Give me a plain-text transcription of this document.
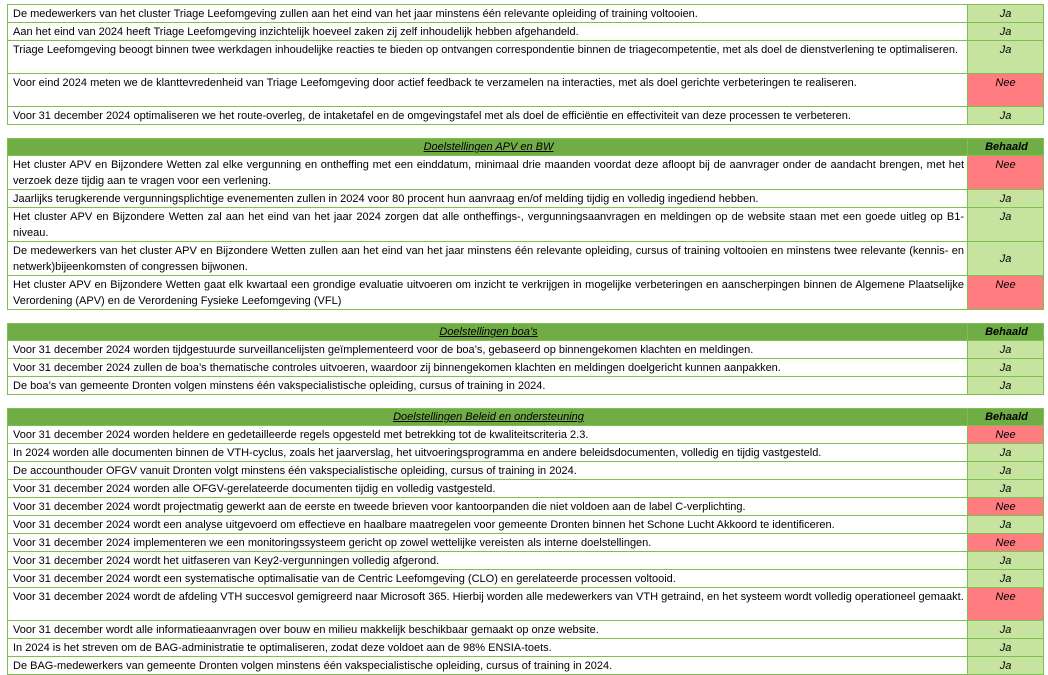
De medewerkers van het cluster Triage Leefomgeving zullen aan het eind van het jaar minstens één relevante opleiding of training voltooien.	Ja
Aan het eind van 2024 heeft Triage Leefomgeving inzichtelijk hoeveel zaken zij zelf inhoudelijk hebben afgehandeld.	Ja
Triage Leefomgeving beoogt binnen twee werkdagen inhoudelijke reacties te bieden op ontvangen correspondentie binnen de triagecompetentie, met als doel de dienstverlening te optimaliseren.	Ja
Voor eind 2024 meten we de klanttevredenheid van Triage Leefomgeving door actief feedback te verzamelen na interacties, met als doel gerichte verbeteringen te realiseren.	Nee
Voor 31 december 2024 optimaliseren we het route-overleg, de intaketafel en de omgevingstafel met als doel de efficiëntie en effectiviteit van deze processen te verbeteren.	Ja
Doelstellingen APV en BW	Behaald
Het cluster APV en Bijzondere Wetten zal elke vergunning en ontheffing met een einddatum, minimaal drie maanden voordat deze afloopt bij de aanvrager onder de aandacht brengen, met het verzoek deze tijdig aan te vragen voor een verlening.	Nee
Jaarlijks terugkerende vergunningsplichtige evenementen zullen in 2024 voor 80 procent hun aanvraag en/of melding tijdig en volledig ingediend hebben.	Ja
Het cluster APV en Bijzondere Wetten zal aan het eind van het jaar 2024 zorgen dat alle ontheffings-, vergunningsaanvragen en meldingen op de website staan met een goede uitleg op B1-niveau.	Ja
De medewerkers van het cluster APV en Bijzondere Wetten zullen aan het eind van het jaar minstens één relevante opleiding, cursus of training voltooien en minstens twee relevante (kennis- en netwerk)bijeenkomsten of congressen bijwonen.	Ja
Het cluster APV en Bijzondere Wetten gaat elk kwartaal een grondige evaluatie uitvoeren om inzicht te verkrijgen in mogelijke verbeteringen en aanscherpingen binnen de Algemene Plaatselijke Verordening (APV) en de Verordening Fysieke Leefomgeving (VFL)	Nee
Doelstellingen boa’s	Behaald
Voor 31 december 2024 worden tijdgestuurde surveillancelijsten geïmplementeerd voor de boa’s, gebaseerd op binnengekomen klachten en meldingen.	Ja
Voor 31 december 2024 zullen de boa’s thematische controles uitvoeren, waardoor zij binnengekomen klachten en meldingen doelgericht kunnen aanpakken.	Ja
De boa’s van gemeente Dronten volgen minstens één vakspecialistische opleiding, cursus of training in 2024.	Ja
Doelstellingen Beleid en ondersteuning	Behaald
Voor 31 december 2024 worden heldere en gedetailleerde regels opgesteld met betrekking tot de kwaliteitscriteria 2.3.	Nee
In 2024 worden alle documenten binnen de VTH-cyclus, zoals het jaarverslag, het uitvoeringsprogramma en andere beleidsdocumenten, volledig en tijdig vastgesteld.	Ja
De accounthouder OFGV vanuit Dronten volgt minstens één vakspecialistische opleiding, cursus of training in 2024.	Ja
Voor 31 december 2024 worden alle OFGV-gerelateerde documenten tijdig en volledig vastgesteld.	Ja
Voor 31 december 2024 wordt projectmatig gewerkt aan de eerste en tweede brieven voor kantoorpanden die niet voldoen aan de label C-verplichting.	Nee
Voor 31 december 2024 wordt een analyse uitgevoerd om effectieve en haalbare maatregelen voor gemeente Dronten binnen het Schone Lucht Akkoord te identificeren.	Ja
Voor 31 december 2024 implementeren we een monitoringssysteem gericht op zowel wettelijke vereisten als interne doelstellingen.	Nee
Voor 31 december 2024 wordt het uitfaseren van Key2-vergunningen volledig afgerond.	Ja
Voor 31 december 2024 wordt een systematische optimalisatie van de Centric Leefomgeving (CLO) en gerelateerde processen voltooid.	Ja
Voor 31 december 2024 wordt de afdeling VTH succesvol gemigreerd naar Microsoft 365. Hierbij worden alle medewerkers van VTH getraind, en het systeem wordt volledig operationeel gemaakt.	Nee
Voor 31 december wordt alle informatieaanvragen over bouw en milieu makkelijk beschikbaar gemaakt op onze website.	Ja
In 2024 is het streven om de BAG-administratie te optimaliseren, zodat deze voldoet aan de 98% ENSIA-toets.	Ja
De BAG-medewerkers van gemeente Dronten volgen minstens één vakspecialistische opleiding, cursus of training in 2024.	Ja
